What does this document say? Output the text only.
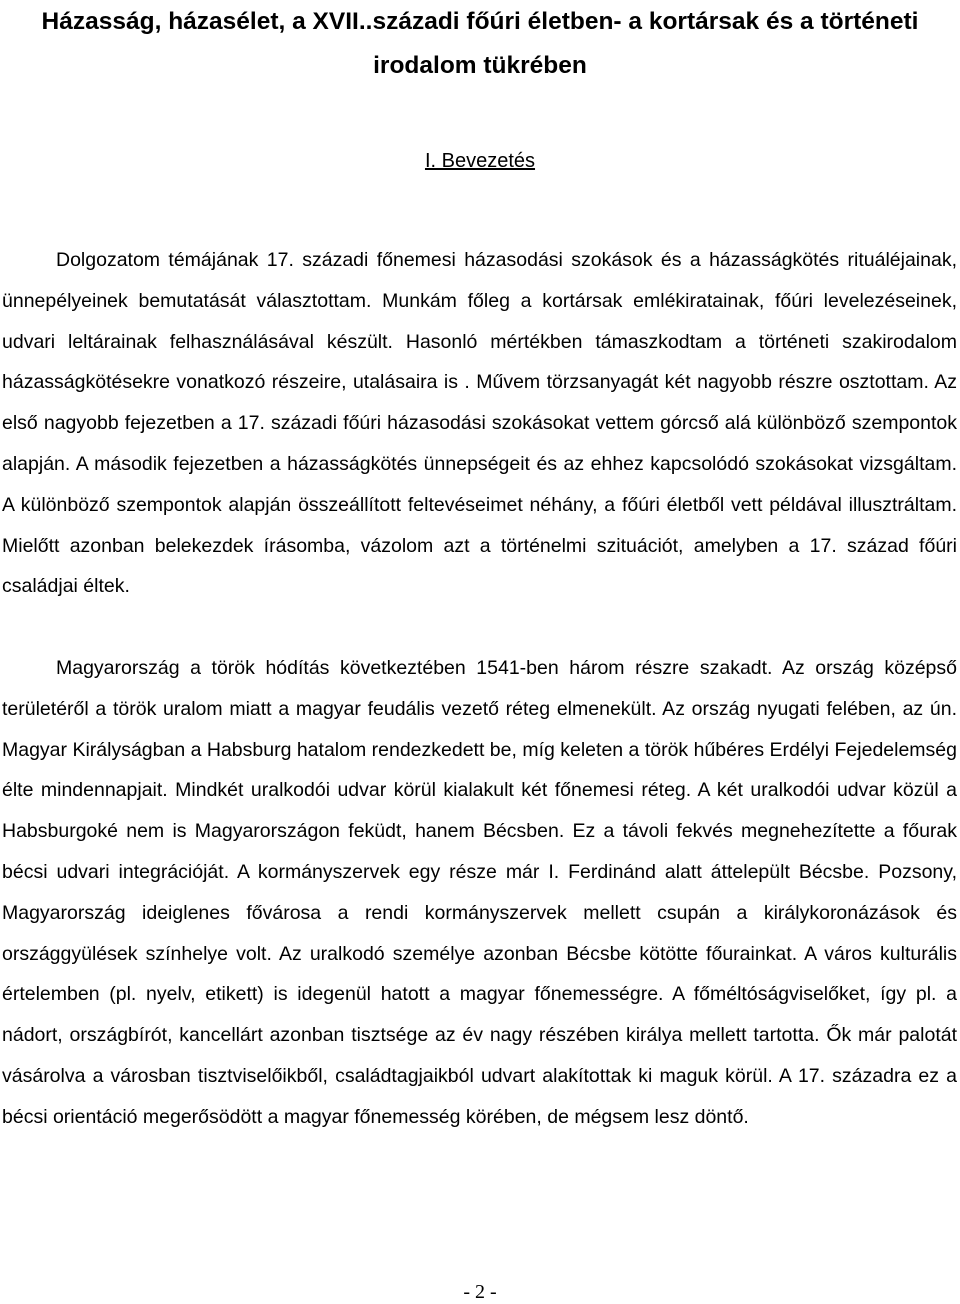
Házasság, házasélet, a XVII..századi főúri életben- a kortársak és a történeti irodalom tükrében
I. Bevezetés

Dolgozatom témájának 17. századi főnemesi házasodási szokások és a házasságkötés rituáléjainak, ünnepélyeinek bemutatását választottam. Munkám főleg a kortársak emlékiratainak, főúri levelezéseinek, udvari leltárainak felhasználásával készült. Hasonló mértékben támaszkodtam a történeti szakirodalom házasságkötésekre vonatkozó részeire, utalásaira is . Művem törzsanyagát két nagyobb részre osztottam. Az első nagyobb fejezetben a 17. századi főúri házasodási szokásokat vettem górcső alá különböző szempontok alapján. A második fejezetben a házasságkötés ünnepségeit és az ehhez kapcsolódó szokásokat vizsgáltam. A különböző szempontok alapján összeállított feltevéseimet néhány, a főúri életből vett példával illusztráltam. Mielőtt azonban belekezdek írásomba, vázolom azt a történelmi szituációt, amelyben a 17. század főúri családjai éltek.

Magyarország a török hódítás következtében 1541-ben három részre szakadt. Az ország középső területéről a török uralom miatt a magyar feudális vezető réteg elmenekült. Az ország nyugati felében, az ún. Magyar Királyságban a Habsburg hatalom rendezkedett be, míg keleten a török hűbéres Erdélyi Fejedelemség élte mindennapjait. Mindkét uralkodói udvar körül kialakult két főnemesi réteg. A két uralkodói udvar közül a Habsburgoké nem is Magyarországon feküdt, hanem Bécsben. Ez a távoli fekvés megnehezítette a főurak bécsi udvari integrációját. A kormányszervek egy része már I. Ferdinánd alatt áttelepült Bécsbe. Pozsony, Magyarország ideiglenes fővárosa a rendi kormányszervek mellett csupán a királykoronázások és országgyülések színhelye volt. Az uralkodó személye azonban Bécsbe kötötte főurainkat. A város kulturális értelemben (pl. nyelv, etikett) is idegenül hatott a magyar főnemességre. A főméltóságviselőket, így pl. a nádort, országbírót, kancellárt azonban tisztsége az év nagy részében királya mellett tartotta. Ők már palotát vásárolva a városban tisztviselőikből, családtagjaikból udvart alakítottak ki maguk körül. A 17. századra ez a bécsi orientáció megerősödött a magyar főnemesség körében, de mégsem lesz döntő.

- 2 -
